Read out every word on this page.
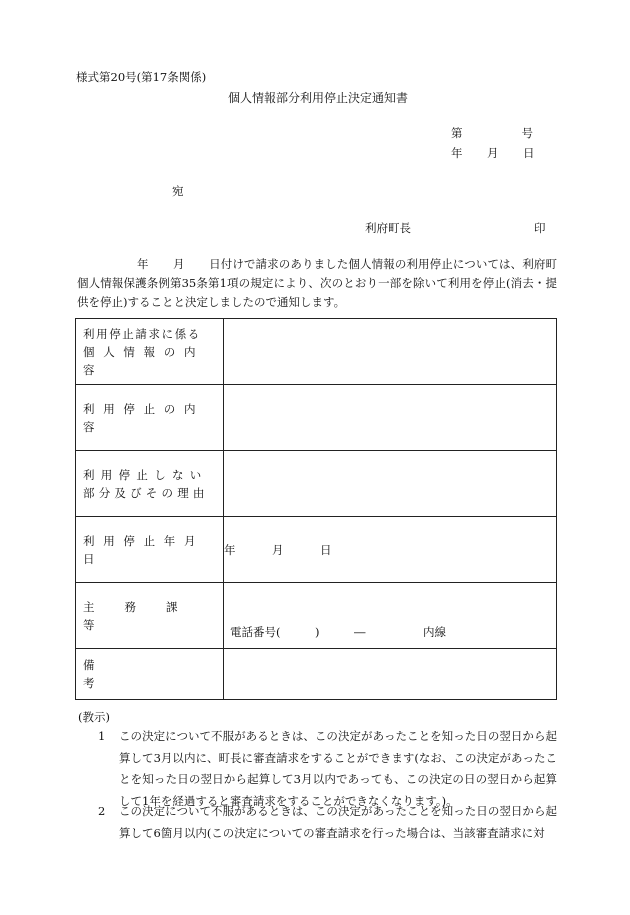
様式第20号(第17条関係)
個人情報部分利用停止決定通知書
第	号
年 月 日
宛
利府町長	印
年 月 日付けで請求のありました個人情報の利用停止については、利府町個人情報保護条例第35条第1項の規定により、次のとおり一部を除いて利用を停止(消去・提供を停止)することと決定しましたので通知します。
利用停止請求に係る
個人情報の内容	

利用停止の内容	

利用停止しない
部分及びその理由	

利用停止年月日	年 月 日

主務課等	電話番号(　　　)　　　―　　　　　内線

備考	

(教示)
1	この決定について不服があるときは、この決定があったことを知った日の翌日から起算して3月以内に、町長に審査請求をすることができます(なお、この決定があったことを知った日の翌日から起算して3月以内であっても、この決定の日の翌日から起算して1年を経過すると審査請求をすることができなくなります。)。
2	この決定について不服があるときは、この決定があったことを知った日の翌日から起算して6箇月以内(この決定についての審査請求を行った場合は、当該審査請求に対
